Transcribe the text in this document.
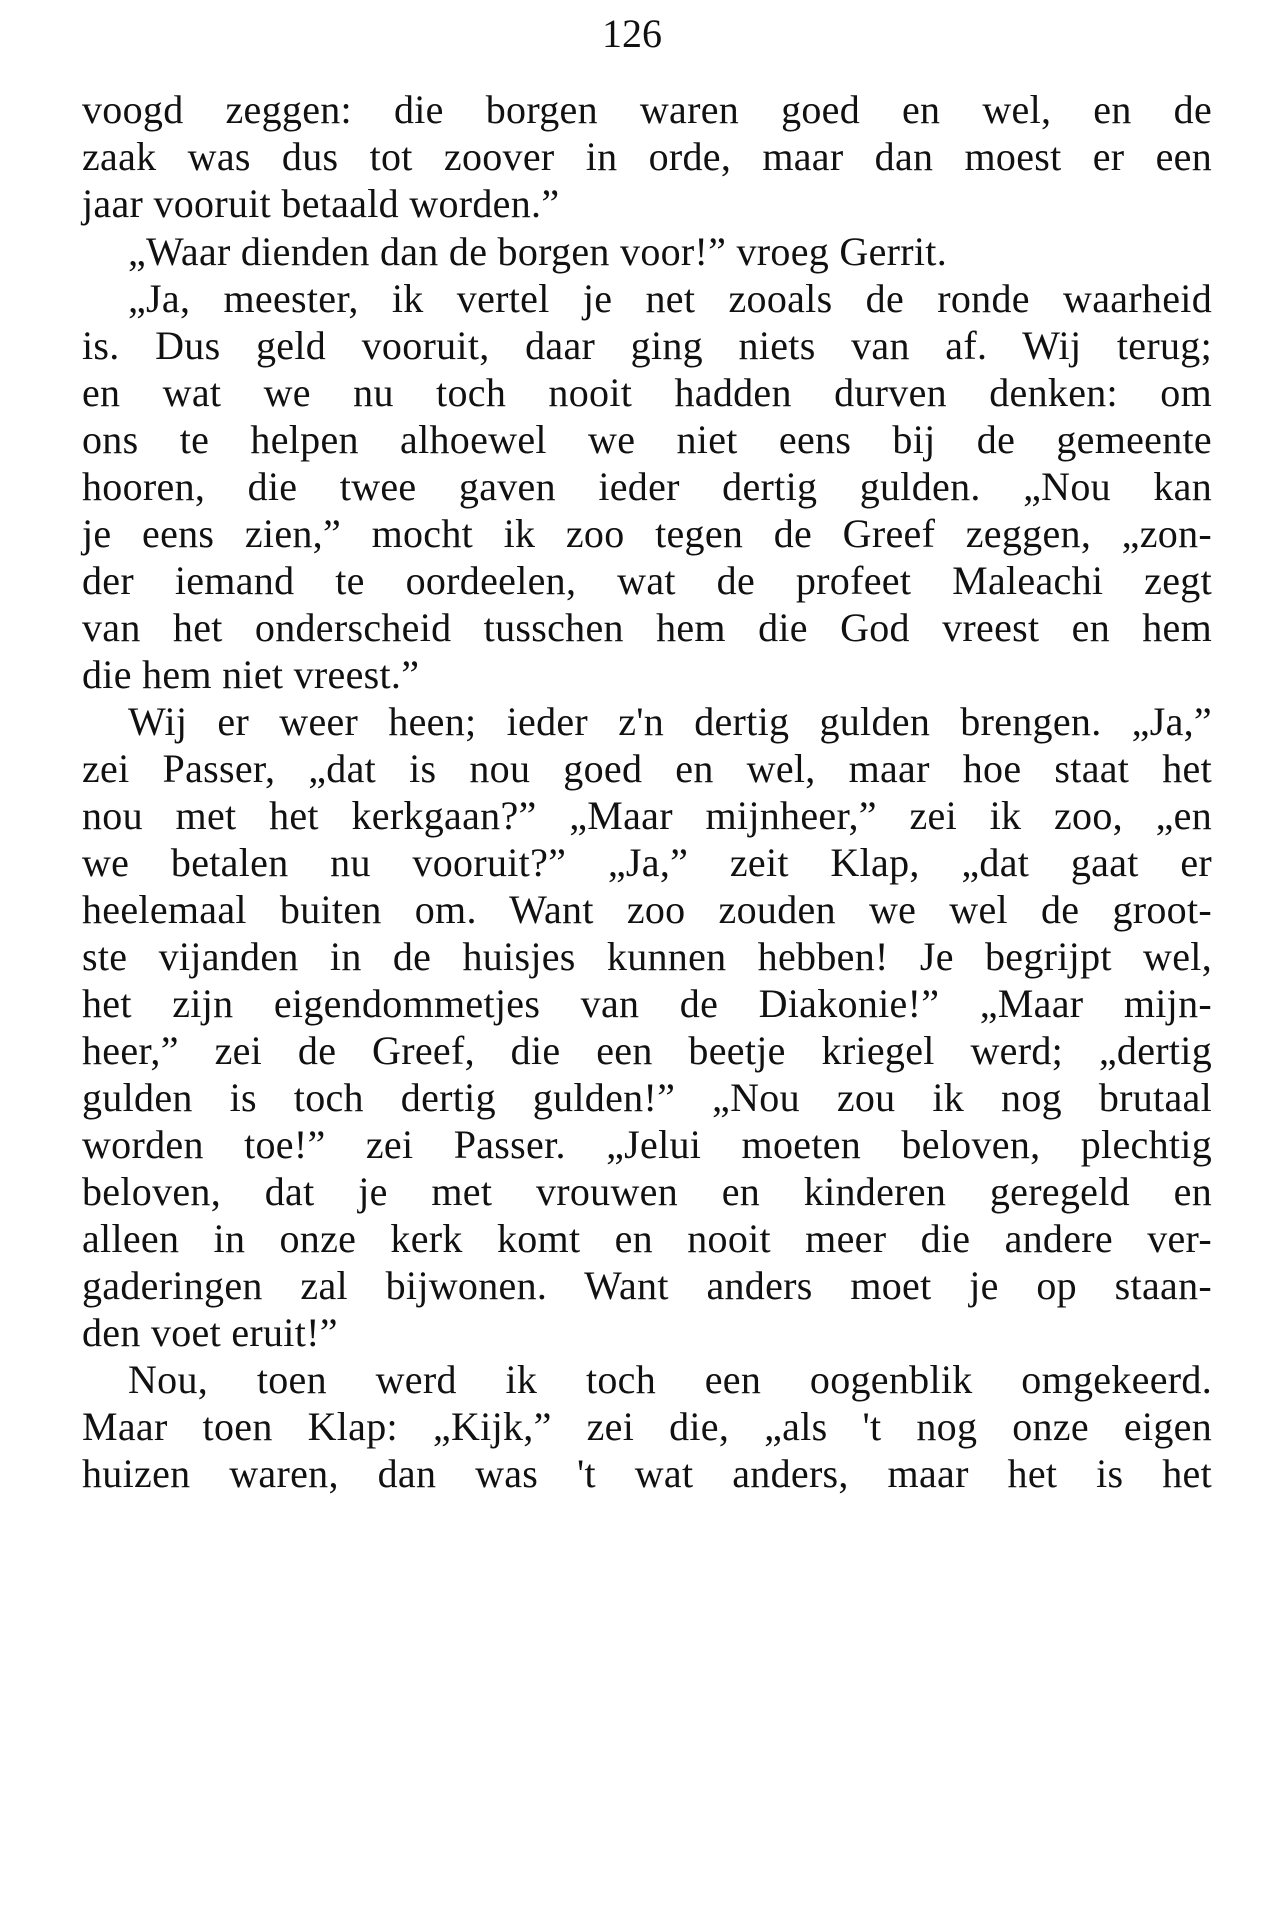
126
voogd zeggen: die borgen waren goed en wel, en de
zaak was dus tot zoover in orde, maar dan moest er een
jaar vooruit betaald worden.”
„Waar dienden dan de borgen voor!” vroeg Gerrit.
„Ja, meester, ik vertel je net zooals de ronde waarheid
is. Dus geld vooruit, daar ging niets van af. Wij terug;
en wat we nu toch nooit hadden durven denken: om
ons te helpen alhoewel we niet eens bij de gemeente
hooren, die twee gaven ieder dertig gulden. „Nou kan
je eens zien,” mocht ik zoo tegen de Greef zeggen, „zon-
der iemand te oordeelen, wat de profeet Maleachi zegt
van het onderscheid tusschen hem die God vreest en hem
die hem niet vreest.”
Wij er weer heen; ieder z'n dertig gulden brengen. „Ja,”
zei Passer, „dat is nou goed en wel, maar hoe staat het
nou met het kerkgaan?” „Maar mijnheer,” zei ik zoo, „en
we betalen nu vooruit?” „Ja,” zeit Klap, „dat gaat er
heelemaal buiten om. Want zoo zouden we wel de groot-
ste vijanden in de huisjes kunnen hebben! Je begrijpt wel,
het zijn eigendommetjes van de Diakonie!” „Maar mijn-
heer,” zei de Greef, die een beetje kriegel werd; „dertig
gulden is toch dertig gulden!” „Nou zou ik nog brutaal
worden toe!” zei Passer. „Jelui moeten beloven, plechtig
beloven, dat je met vrouwen en kinderen geregeld en
alleen in onze kerk komt en nooit meer die andere ver-
gaderingen zal bijwonen. Want anders moet je op staan-
den voet eruit!”
Nou, toen werd ik toch een oogenblik omgekeerd.
Maar toen Klap: „Kijk,” zei die, „als 't nog onze eigen
huizen waren, dan was 't wat anders, maar het is het
